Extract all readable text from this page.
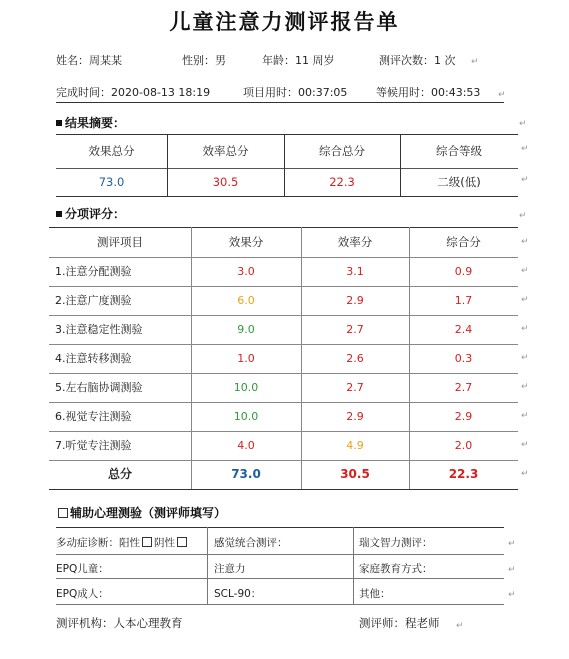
儿童注意力测评报告单
姓名：周某某	性别：男	年龄：11 周岁	测评次数：1 次 ↵
完成时间：2020-08-13 18:19	项目用时：00:37:05	等候用时：00:43:53 ↵
结果摘要：	↵
效果总分	效率总分	综合总分	综合等级
73.0	30.5	22.3	二级(低)
↵
↵
分项评分：	↵
测评项目	效果分	效率分	综合分
1.注意分配测验	3.0	3.1	0.9	↵
2.注意广度测验	6.0	2.9	1.7	↵
3.注意稳定性测验	9.0	2.7	2.4	↵
4.注意转移测验	1.0	2.6	0.3	↵
5.左右脑协调测验	10.0	2.7	2.7	↵
6.视觉专注测验	10.0	2.9	2.9	↵
7.听觉专注测验	4.0	4.9	2.0	↵
总分	73.0	30.5	22.3	↵
↵
辅助心理测验（测评师填写）
多动症诊断：阳性 阴性	感觉统合测评：	瑞文智力测评：	↵
EPQ儿童：	注意力	家庭教育方式：	↵
EPQ成人：	SCL-90：	其他：	↵
测评机构：人本心理教育	测评师：程老师 ↵
